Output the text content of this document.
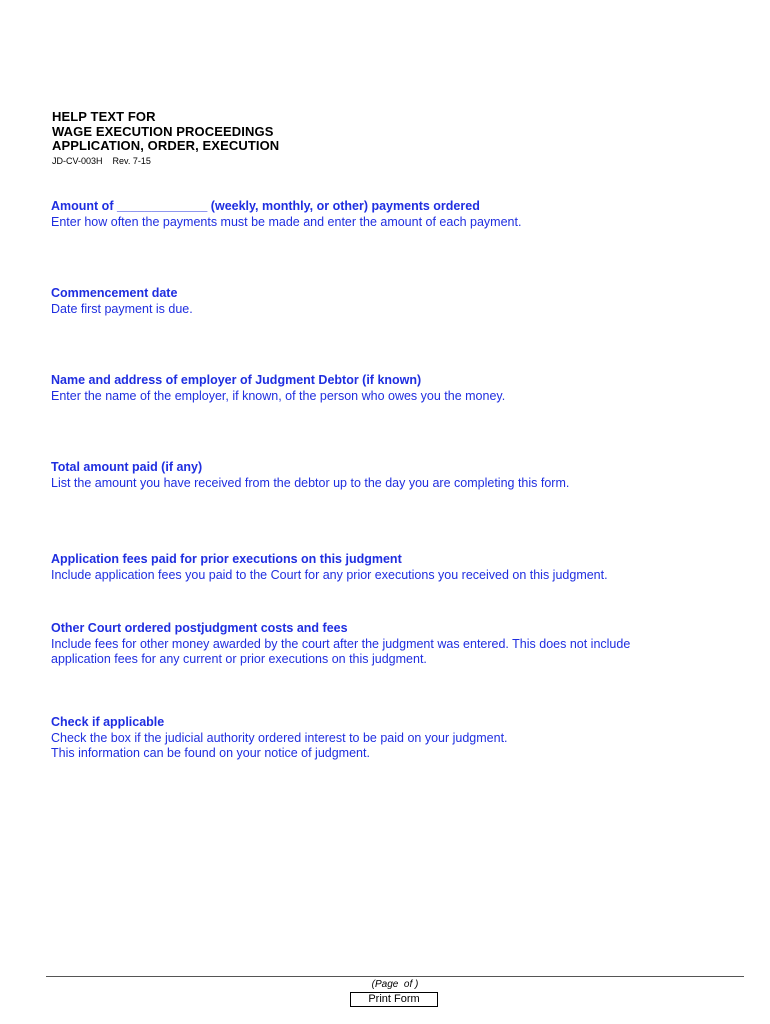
HELP TEXT FOR
WAGE EXECUTION PROCEEDINGS
APPLICATION, ORDER, EXECUTION
JD-CV-003H    Rev. 7-15
Amount of _____________ (weekly, monthly, or other) payments ordered
Enter how often the payments must be made and enter the amount of each payment.
Commencement date
Date first payment is due.
Name and address of employer of Judgment Debtor (if known)
Enter the name of the employer, if known, of the person who owes you the money.
Total amount paid (if any)
List the amount you have received from the debtor up to the day you are completing this form.
Application fees paid for prior executions on this judgment
Include application fees you paid to the Court for any prior executions you received on this judgment.
Other Court ordered postjudgment costs and fees
Include fees for other money awarded by the court after the judgment was entered. This does not include
application fees for any current or prior executions on this judgment.
Check if applicable
Check the box if the judicial authority ordered interest to be paid on your judgment.
This information can be found on your notice of judgment.
(Page  of )
Print Form
